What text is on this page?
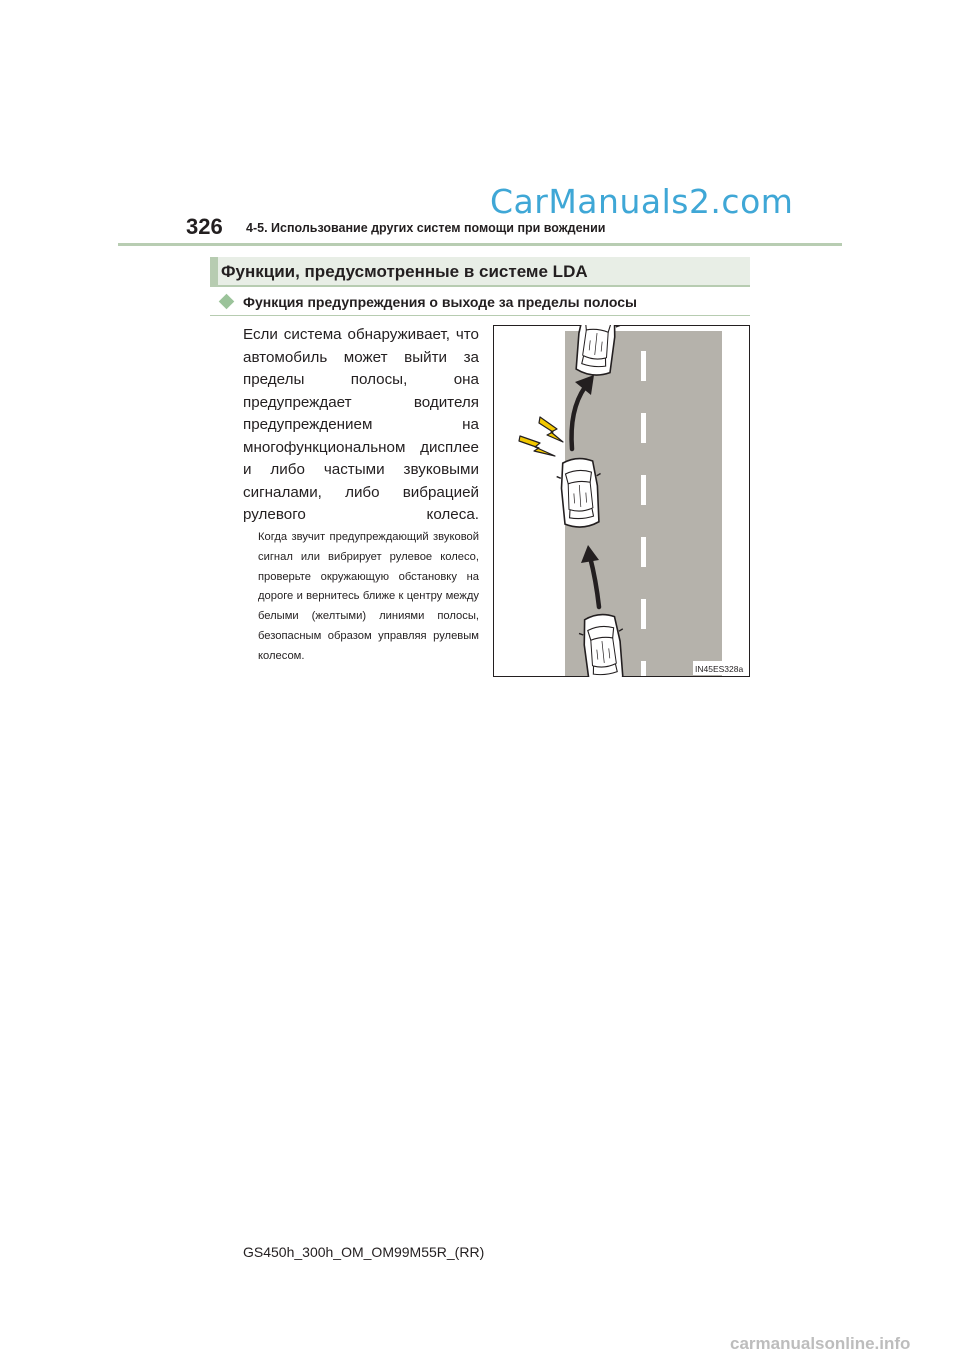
CarManuals2.com
326 4-5. Использование других систем помощи при вождении
Функции, предусмотренные в системе LDA
Функция предупреждения о выходе за пределы полосы
Если система обнаруживает, что автомобиль может выйти за пределы полосы, она предупреждает водителя предупреждением на многофункциональном дисплее и либо частыми звуковыми сигналами, либо вибрацией рулевого колеса.
Когда звучит предупреждающий звуковой сигнал или вибрирует рулевое колесо, проверьте окружающую обстановку на дороге и вернитесь ближе к центру между белыми (желтыми) линиями полосы, безопасным образом управляя рулевым колесом.
IN45ES328a
GS450h_300h_OM_OM99M55R_(RR)
carmanualsonline.info
